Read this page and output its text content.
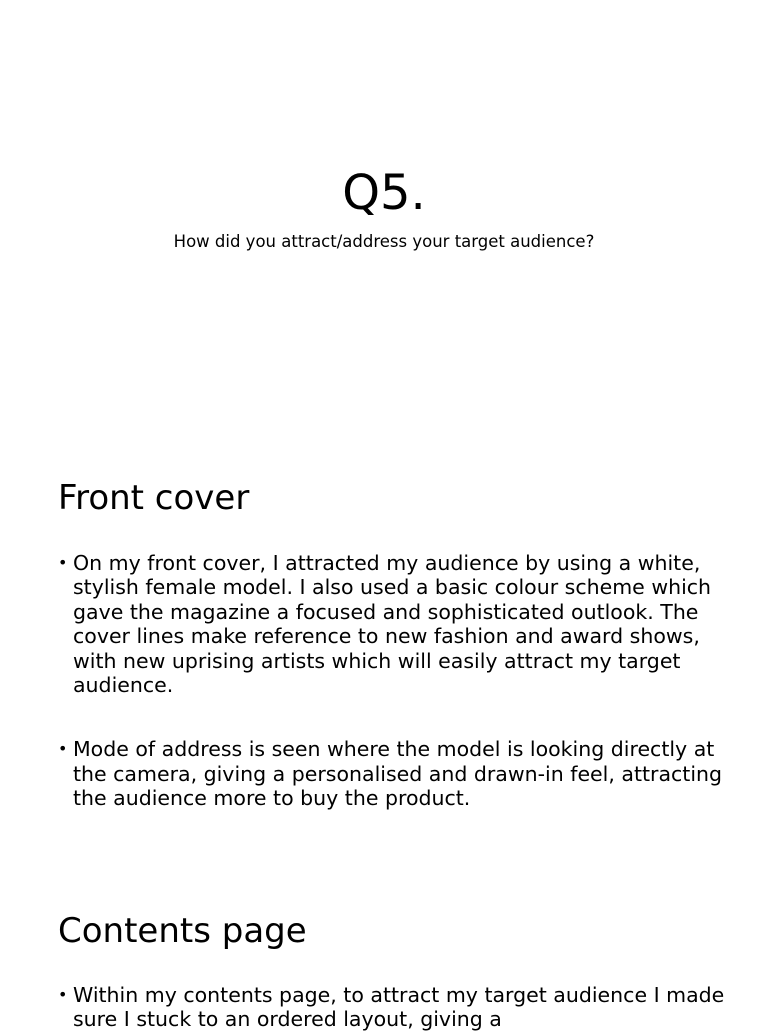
Q5.

How did you attract/address your target audience?

Front cover
• On my front cover, I attracted my audience by using a white, stylish female model. I also used a basic colour scheme which gave the magazine a focused and sophisticated outlook. The cover lines make reference to new fashion and award shows, with new uprising artists which will easily attract my target audience.
• Mode of address is seen where the model is looking directly at the camera, giving a personalised and drawn-in feel, attracting the audience more to buy the product.
Contents page
• Within my contents page, to attract my target audience I made sure I stuck to an ordered layout, giving a
